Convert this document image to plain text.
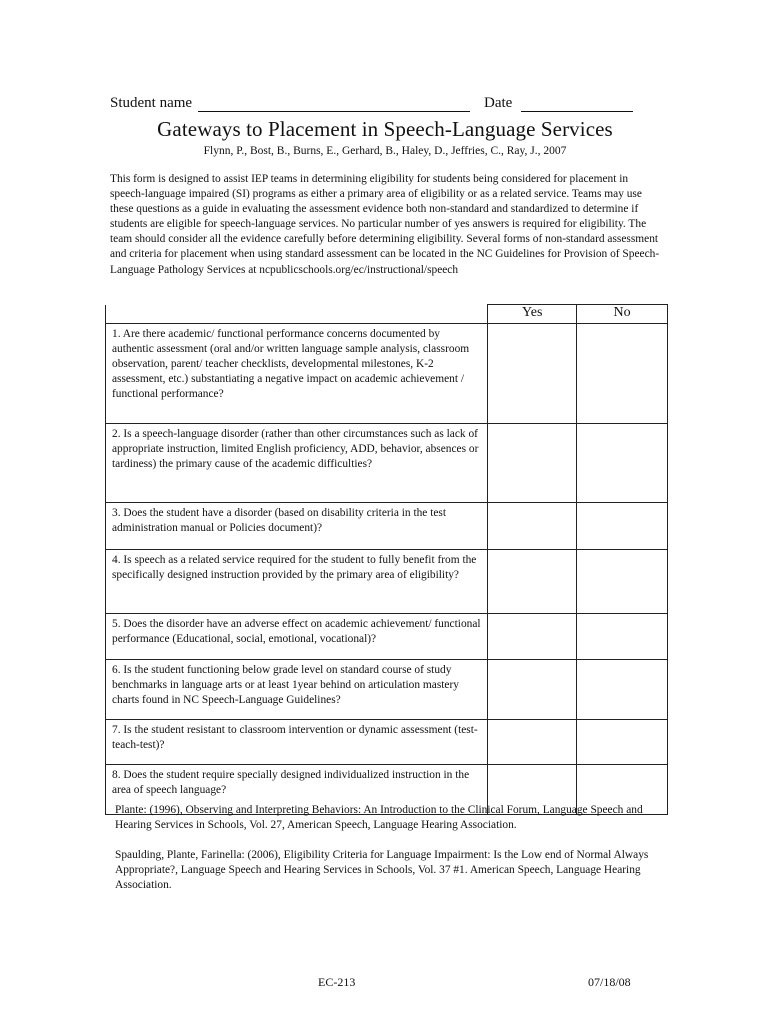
Student name	Date
Gateways to Placement in Speech-Language Services
Flynn, P., Bost, B., Burns, E., Gerhard, B., Haley, D., Jeffries, C., Ray, J., 2007
This form is designed to assist IEP teams in determining eligibility for students being considered for placement in speech-language impaired (SI) programs as either a primary area of eligibility or as a related service. Teams may use these questions as a guide in evaluating the assessment evidence both non-standard and standardized to determine if students are eligible for speech-language services. No particular number of yes answers is required for eligibility. The team should consider all the evidence carefully before determining eligibility. Several forms of non-standard assessment and criteria for placement when using standard assessment can be located in the NC Guidelines for Provision of Speech-Language Pathology Services at ncpublicschools.org/ec/instructional/speech
	Yes	No
1. Are there academic/ functional performance concerns documented by authentic assessment (oral and/or written language sample analysis, classroom observation, parent/ teacher checklists, developmental milestones, K-2 assessment, etc.) substantiating a negative impact on academic achievement / functional performance?		
2. Is a speech-language disorder (rather than other circumstances such as lack of appropriate instruction, limited English proficiency, ADD, behavior, absences or tardiness) the primary cause of the academic difficulties?		
3. Does the student have a disorder (based on disability criteria in the test administration manual or Policies document)?		
4. Is speech as a related service required for the student to fully benefit from the specifically designed instruction provided by the primary area of eligibility?		
5. Does the disorder have an adverse effect on academic achievement/ functional performance (Educational, social, emotional, vocational)?		
6. Is the student functioning below grade level on standard course of study benchmarks in language arts or at least 1year behind on articulation mastery charts found in NC Speech-Language Guidelines?		
7. Is the student resistant to classroom intervention or dynamic assessment (test-teach-test)?		
8. Does the student require specially designed individualized instruction in the area of speech language?		
Plante: (1996), Observing and Interpreting Behaviors: An Introduction to the Clinical Forum, Language Speech and Hearing Services in Schools, Vol. 27, American Speech, Language Hearing Association.
Spaulding, Plante, Farinella: (2006), Eligibility Criteria for Language Impairment: Is the Low end of Normal Always Appropriate?, Language Speech and Hearing Services in Schools, Vol. 37 #1. American Speech, Language Hearing Association.
EC-213	07/18/08
